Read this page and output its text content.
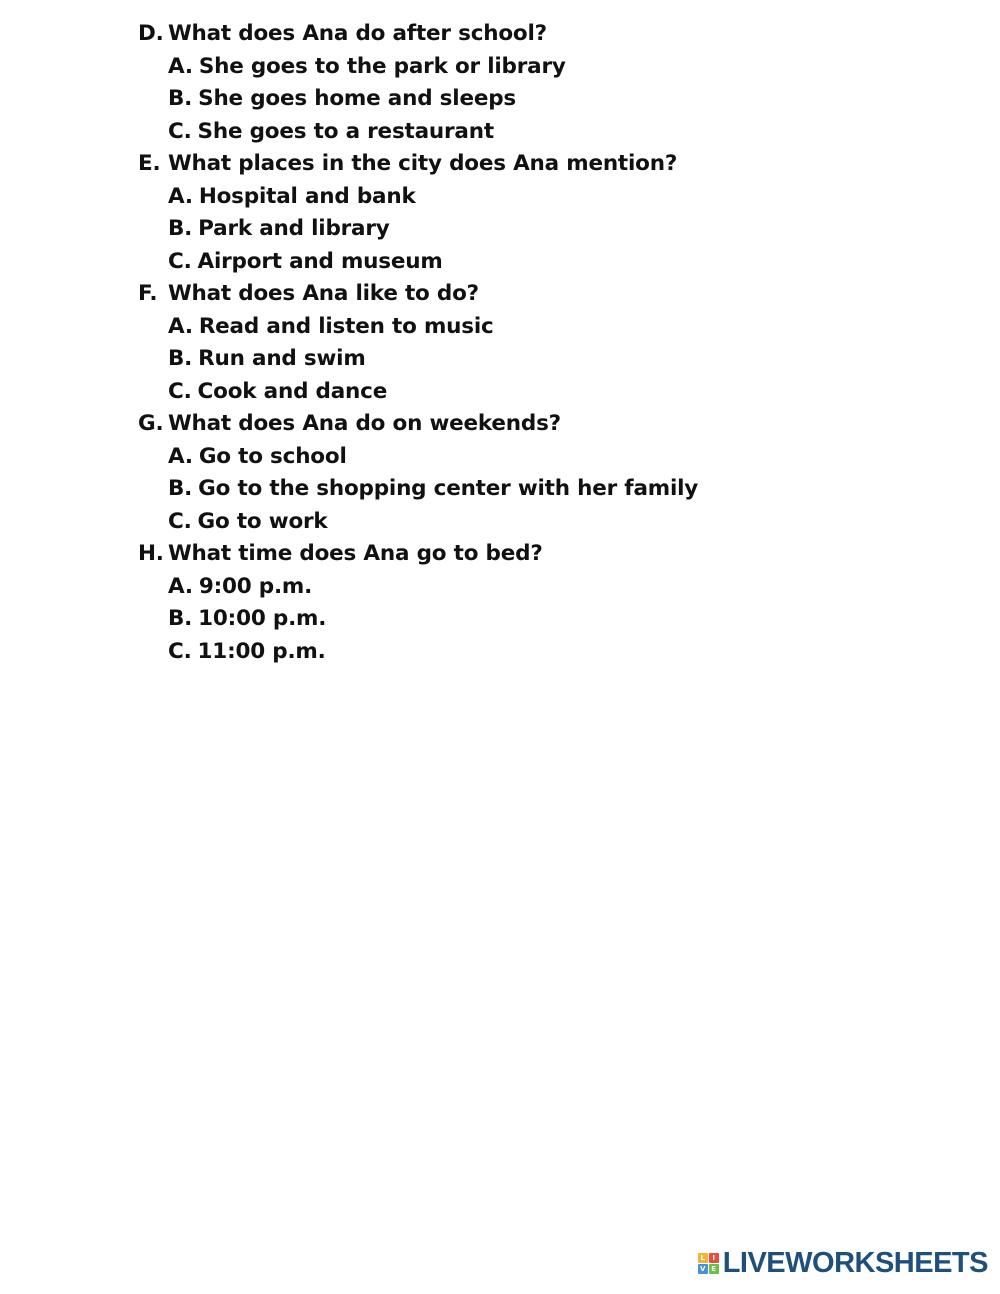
D. What does Ana do after school?
A. She goes to the park or library
B. She goes home and sleeps
C. She goes to a restaurant
E. What places in the city does Ana mention?
A. Hospital and bank
B. Park and library
C. Airport and museum
F. What does Ana like to do?
A. Read and listen to music
B. Run and swim
C. Cook and dance
G. What does Ana do on weekends?
A. Go to school
B. Go to the shopping center with her family
C. Go to work
H. What time does Ana go to bed?
A. 9:00 p.m.
B. 10:00 p.m.
C. 11:00 p.m.
L	I
V E LIVEWORKSHEETS
